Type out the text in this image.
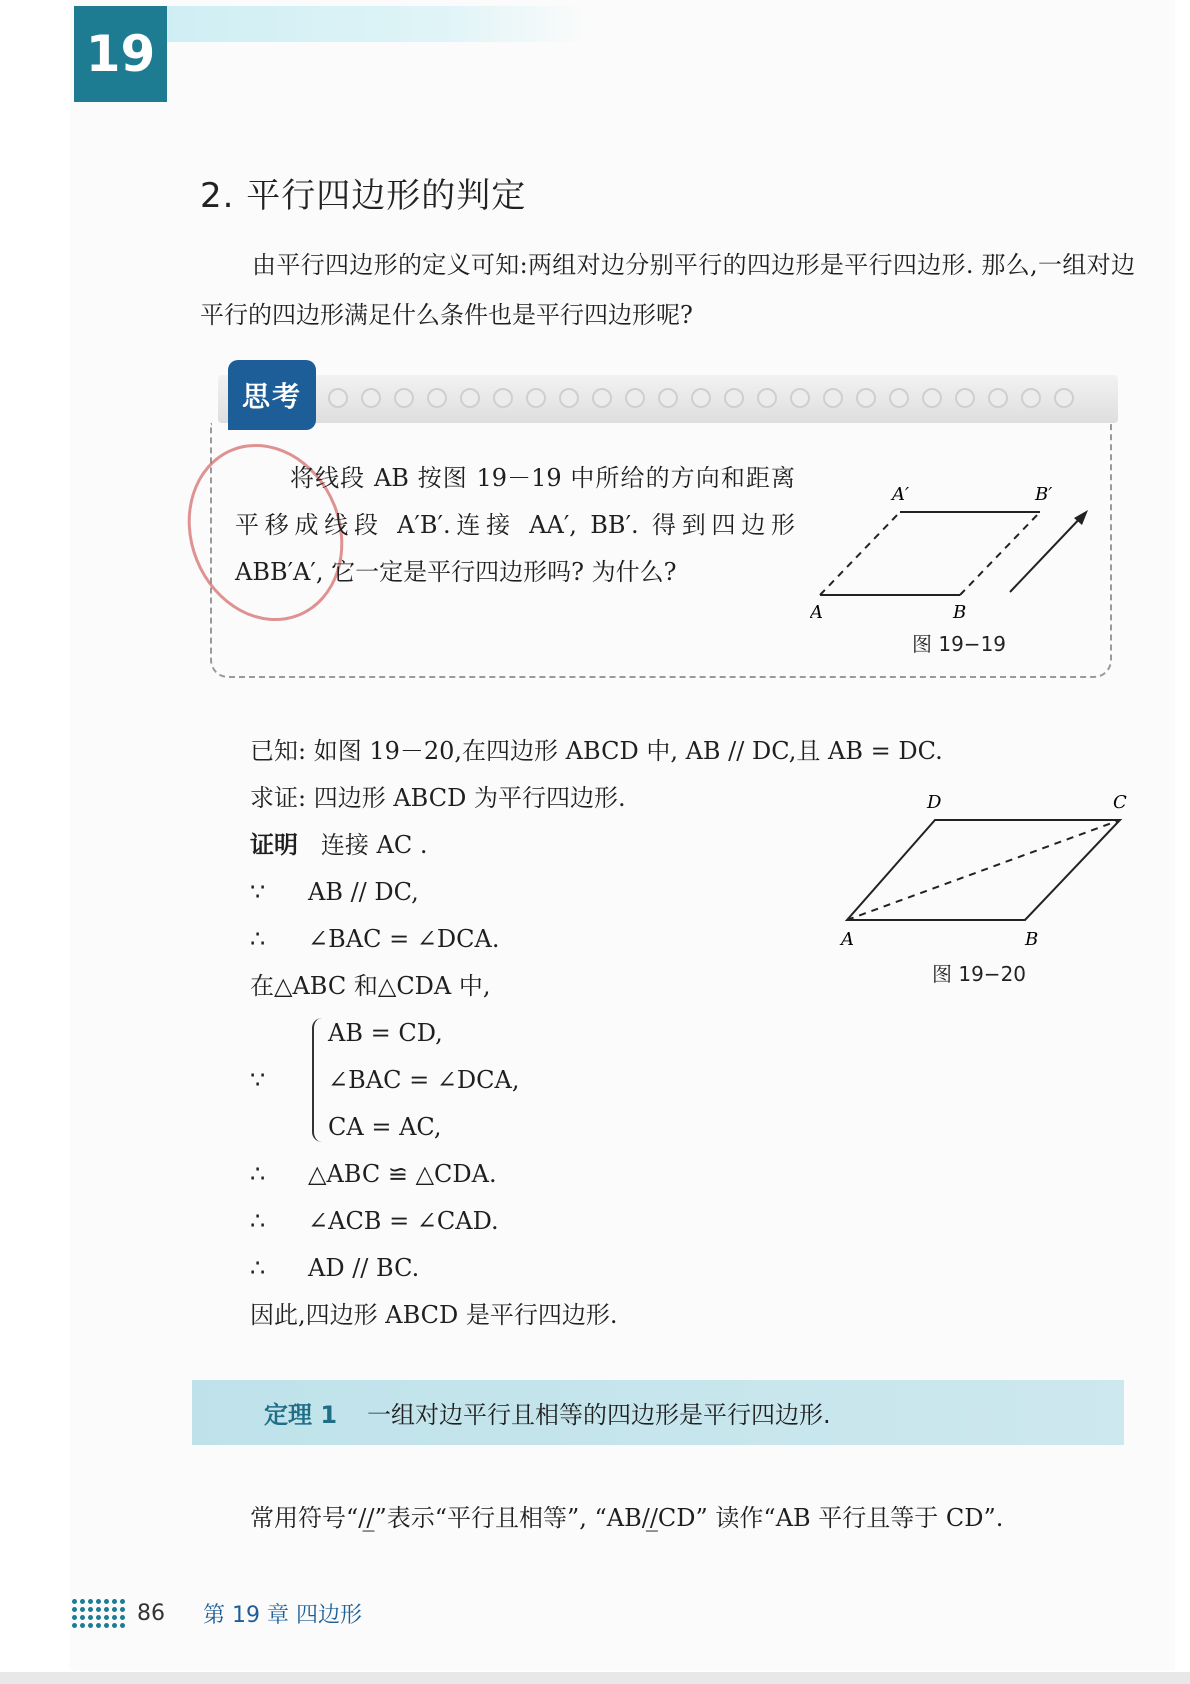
19
2. 平行四边形的判定
由平行四边形的定义可知:两组对边分别平行的四边形是平行四边形. 那么,一组对边平行的四边形满足什么条件也是平行四边形呢?
思考
将线段 AB 按图 19－19 中所给的方向和距离平移成线段 A′B′.连接 AA′, BB′. 得到四边形 ABB′A′, 它一定是平行四边形吗? 为什么?
A	B
A′	B′
图 19−19
已知: 如图 19－20,在四边形 ABCD 中, AB // DC,且 AB = DC.
求证: 四边形 ABCD 为平行四边形.
证明 连接 AC .
∵ AB // DC,
∴ ∠BAC = ∠DCA.
在△ABC 和△CDA 中,
∵
AB = CD,
∠BAC = ∠DCA,
CA = AC,
∴ △ABC ≌ △CDA.
∴ ∠ACB = ∠CAD.
∴ AD // BC.
因此,四边形 ABCD 是平行四边形.
A	B
C
D
图 19−20
定理 1 一组对边平行且相等的四边形是平行四边形.
常用符号“//̲”表示“平行且相等”, “AB//̲CD” 读作“AB 平行且等于 CD”.
86 第 19 章 四边形
